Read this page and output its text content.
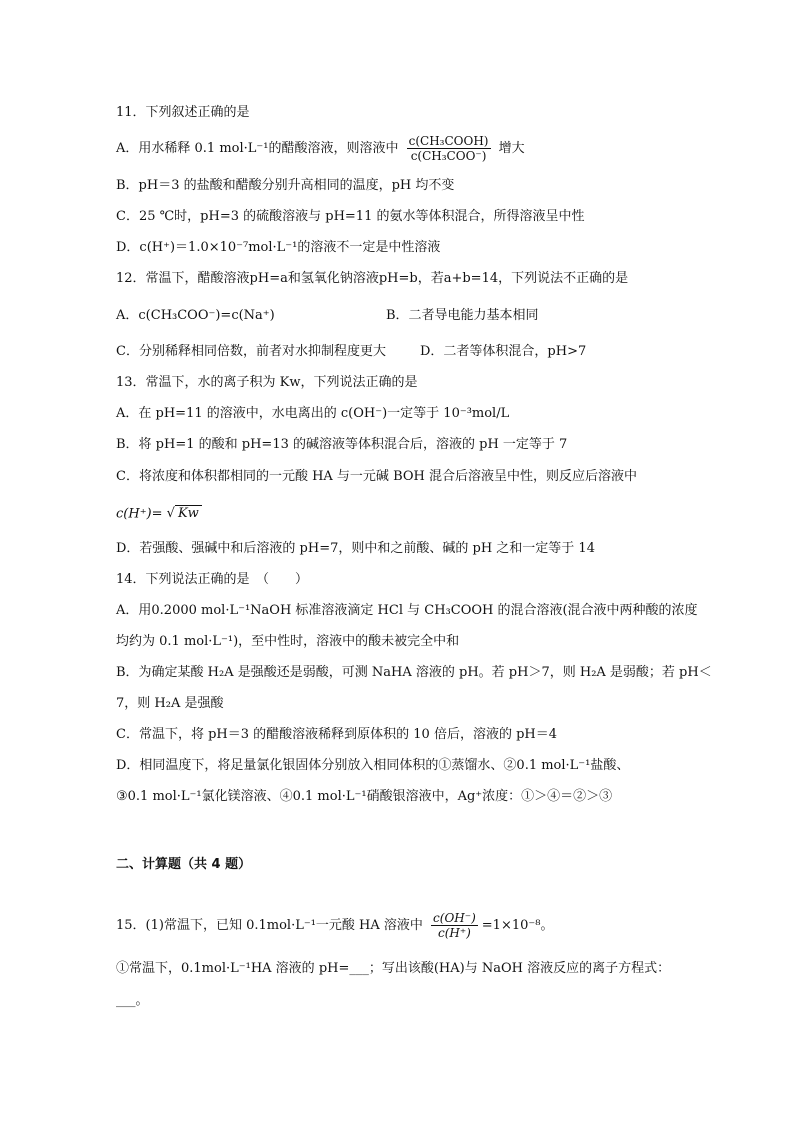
11．下列叙述正确的是
A．用水稀释 0.1 mol·L⁻¹的醋酸溶液，则溶液中 $\frac{\text{c(CH₃COOH)}}{\text{c(CH₃COO⁻)}}$ 增大
B．pH＝3 的盐酸和醋酸分别升高相同的温度，pH 均不变
C．25 ℃时，pH=3 的硫酸溶液与 pH=11 的氨水等体积混合，所得溶液呈中性
D．c(H⁺)＝1.0×10⁻⁷mol·L⁻¹的溶液不一定是中性溶液
12．常温下，醋酸溶液pH=a和氢氧化钠溶液pH=b，若a+b=14，下列说法不正确的是
A．c(CH₃COO⁻)=c(Na⁺)	B．二者导电能力基本相同
C．分别稀释相同倍数，前者对水抑制程度更大	D．二者等体积混合，pH>7
13．常温下，水的离子积为 Kw，下列说法正确的是
A．在 pH=11 的溶液中，水电离出的 c(OH⁻)一定等于 10⁻³mol/L
B．将 pH=1 的酸和 pH=13 的碱溶液等体积混合后，溶液的 pH 一定等于 7
C．将浓度和体积都相同的一元酸 HA 与一元碱 BOH 混合后溶液呈中性，则反应后溶液中
c(H⁺)= √ Kw
D．若强酸、强碱中和后溶液的 pH=7，则中和之前酸、碱的 pH 之和一定等于 14
14．下列说法正确的是　（　　）
A．用0.2000 mol·L⁻¹NaOH 标准溶液滴定 HCl 与 CH₃COOH 的混合溶液(混合液中两种酸的浓度
均约为 0.1 mol·L⁻¹)，至中性时，溶液中的酸未被完全中和
B．为确定某酸 H₂A 是强酸还是弱酸，可测 NaHA 溶液的 pH。若 pH＞7，则 H₂A 是弱酸；若 pH＜
7，则 H₂A 是强酸
C．常温下，将 pH＝3 的醋酸溶液稀释到原体积的 10 倍后，溶液的 pH＝4
D．相同温度下，将足量氯化银固体分别放入相同体积的①蒸馏水、②0.1 mol·L⁻¹盐酸、
③0.1 mol·L⁻¹氯化镁溶液、④0.1 mol·L⁻¹硝酸银溶液中，Ag⁺浓度：①＞④＝②＞③
二、计算题（共 4 题）
15．(1)常温下，已知 0.1mol·L⁻¹一元酸 HA 溶液中 $\frac{c(OH^-)}{c(H^+)} =1\times 10^{-8}$。
①常温下，0.1mol·L⁻¹HA 溶液的 pH=___；写出该酸(HA)与 NaOH 溶液反应的离子方程式：
___。
